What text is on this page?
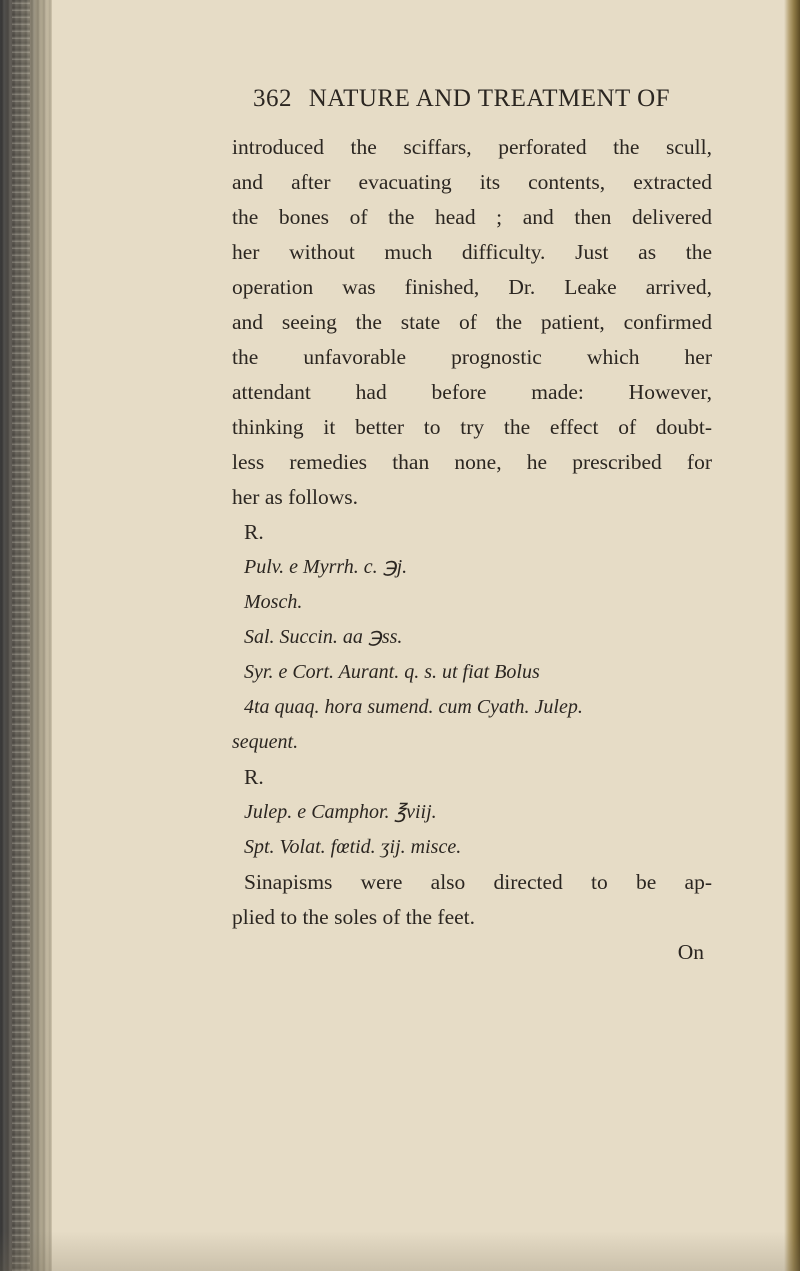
362 NATURE AND TREATMENT OF
introduced the sciffars, perforated the scull,
and after evacuating its contents, extracted
the bones of the head ; and then delivered
her without much difficulty. Just as the
operation was finished, Dr. Leake arrived,
and seeing the state of the patient, confirmed
the unfavorable prognostic which her
attendant had before made: However,
thinking it better to try the effect of doubt-
less remedies than none, he prescribed for
her as follows.
R.
Pulv. e Myrrh. c. ℈j.
Mosch.
Sal. Succin. aa ℈ss.
Syr. e Cort. Aurant. q. s. ut fiat Bolus
4ta quaq. hora sumend. cum Cyath. Julep.
sequent.
R.
Julep. e Camphor. ℥viij.
Spt. Volat. fœtid. ʒij. misce.
Sinapisms were also directed to be ap-
plied to the soles of the feet.
On
